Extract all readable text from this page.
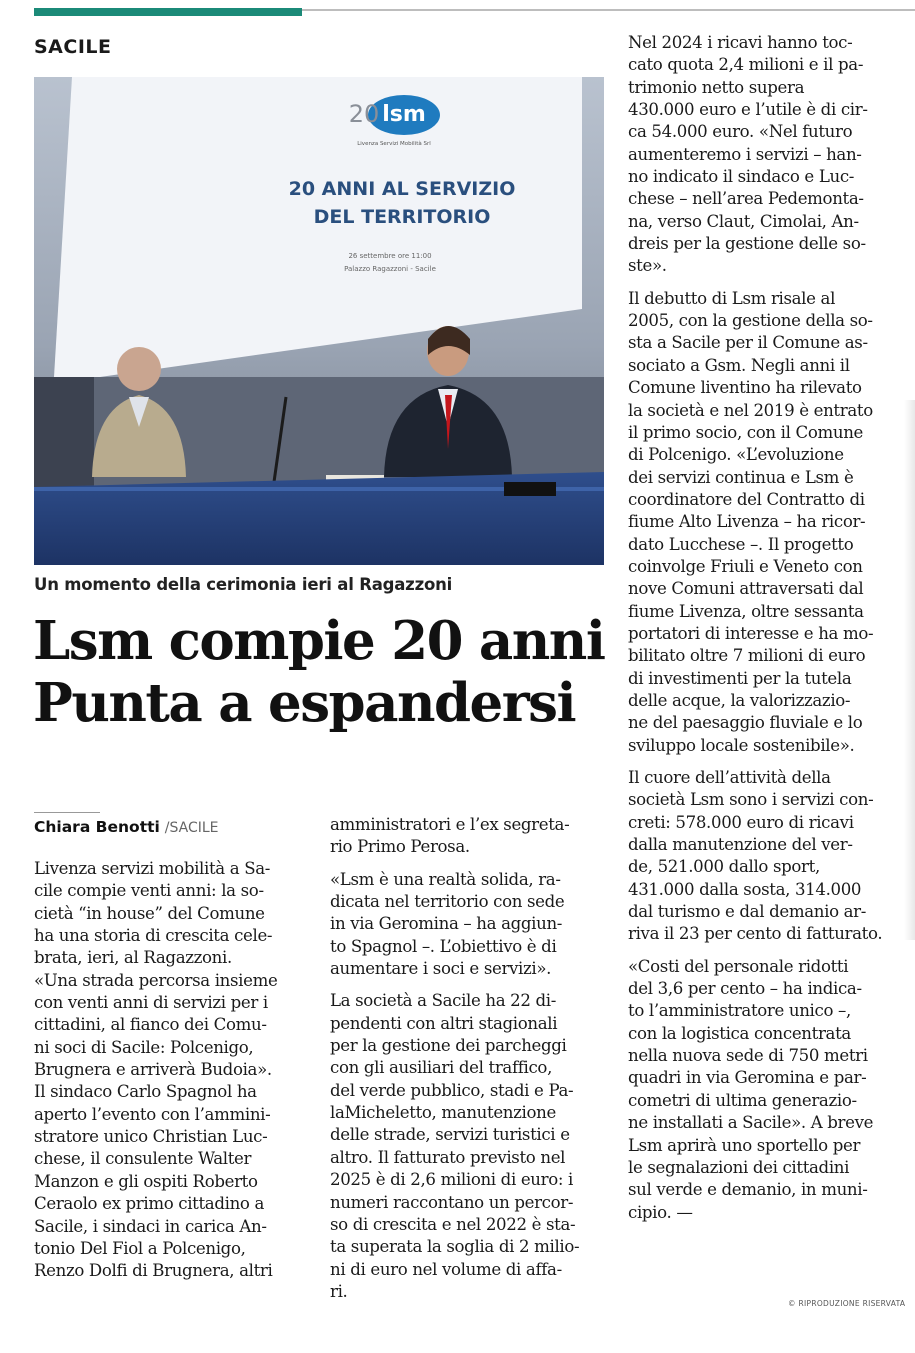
SACILE
lsm
20
Livenza Servizi Mobilità Srl
20 ANNI AL SERVIZIO
DEL TERRITORIO
26 settembre ore 11:00
Palazzo Ragazzoni - Sacile
Un momento della cerimonia ieri al Ragazzoni
Lsm compie 20 anni
Punta a espandersi
Chiara Benotti /SACILE
Livenza servizi mobilità a Sa-
cile compie venti anni: la so-
cietà “in house” del Comune
ha una storia di crescita cele-
brata, ieri, al Ragazzoni.
«Una strada percorsa insieme
con venti anni di servizi per i
cittadini, al fianco dei Comu-
ni soci di Sacile: Polcenigo,
Brugnera e arriverà Budoia».
Il sindaco Carlo Spagnol ha
aperto l’evento con l’ammini-
stratore unico Christian Luc-
chese, il consulente Walter
Manzon e gli ospiti Roberto
Ceraolo ex primo cittadino a
Sacile, i sindaci in carica An-
tonio Del Fiol a Polcenigo,
Renzo Dolfi di Brugnera, altri
amministratori e l’ex segreta-
rio Primo Perosa.
«Lsm è una realtà solida, ra-
dicata nel territorio con sede
in via Geromina – ha aggiun-
to Spagnol –. L’obiettivo è di
aumentare i soci e servizi».
La società a Sacile ha 22 di-
pendenti con altri stagionali
per la gestione dei parcheggi
con gli ausiliari del traffico,
del verde pubblico, stadi e Pa-
laMicheletto, manutenzione
delle strade, servizi turistici e
altro. Il fatturato previsto nel
2025 è di 2,6 milioni di euro: i
numeri raccontano un percor-
so di crescita e nel 2022 è sta-
ta superata la soglia di 2 milio-
ni di euro nel volume di affa-
ri.
Nel 2024 i ricavi hanno toc-
cato quota 2,4 milioni e il pa-
trimonio netto supera
430.000 euro e l’utile è di cir-
ca 54.000 euro. «Nel futuro
aumenteremo i servizi – han-
no indicato il sindaco e Luc-
chese – nell’area Pedemonta-
na, verso Claut, Cimolai, An-
dreis per la gestione delle so-
ste».
Il debutto di Lsm risale al
2005, con la gestione della so-
sta a Sacile per il Comune as-
sociato a Gsm. Negli anni il
Comune liventino ha rilevato
la società e nel 2019 è entrato
il primo socio, con il Comune
di Polcenigo. «L’evoluzione
dei servizi continua e Lsm è
coordinatore del Contratto di
fiume Alto Livenza – ha ricor-
dato Lucchese –. Il progetto
coinvolge Friuli e Veneto con
nove Comuni attraversati dal
fiume Livenza, oltre sessanta
portatori di interesse e ha mo-
bilitato oltre 7 milioni di euro
di investimenti per la tutela
delle acque, la valorizzazio-
ne del paesaggio fluviale e lo
sviluppo locale sostenibile».
Il cuore dell’attività della
società Lsm sono i servizi con-
creti: 578.000 euro di ricavi
dalla manutenzione del ver-
de, 521.000 dallo sport,
431.000 dalla sosta, 314.000
dal turismo e dal demanio ar-
riva il 23 per cento di fatturato.
«Costi del personale ridotti
del 3,6 per cento – ha indica-
to l’amministratore unico –,
con la logistica concentrata
nella nuova sede di 750 metri
quadri in via Geromina e par-
cometri di ultima generazio-
ne installati a Sacile». A breve
Lsm aprirà uno sportello per
le segnalazioni dei cittadini
sul verde e demanio, in muni-
cipio. —
© RIPRODUZIONE RISERVATA
